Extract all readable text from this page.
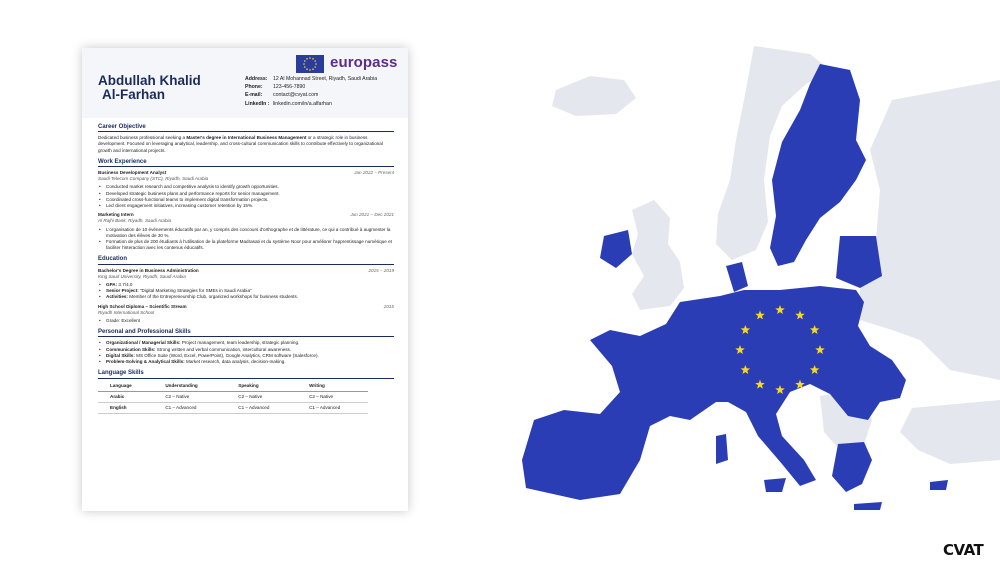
europass
Abdullah Khalid
Al-Farhan
Address:	12 Al Mohannad Street, Riyadh, Saudi Arabia
Phone:	123-456-7890
E-mail:	contact@cvyat.com
LinkedIn : linkedin.com/in/a.alfarhan
Career Objective
Dedicated business professional seeking a Master's degree in International Business Management or a strategic role in business development. Focused on leveraging analytical, leadership, and cross-cultural communication skills to contribute effectively to organizational growth and international projects.
Work Experience
Business Development Analyst	Jan 2022 – Present
Saudi Telecom Company (STC), Riyadh, Saudi Arabia
• Conducted market research and competitive analysis to identify growth opportunities.
• Developed strategic business plans and performance reports for senior management.
• Coordinated cross-functional teams to implement digital transformation projects.
• Led client engagement initiatives, increasing customer retention by 15%.
Marketing Intern	Jun 2021 – Dec 2021
Al Rajhi Bank, Riyadh, Saudi Arabia
• L'organisation de 10 événements éducatifs par an, y compris des concours d'orthographe et de littérature, ce qui a contribué à augmenter la motivation des élèves de 30 %.
• Formation de plus de 200 étudiants à l'utilisation de la plateforme Madrasati et du système Noor pour améliorer l'apprentissage numérique et faciliter l'interaction avec les contenus éducatifs.
Education
Bachelor's Degree in Business Administration	2015 – 2019
King Saud University, Riyadh, Saudi Arabia
• GPA: 3.7/4.0
• Senior Project: “Digital Marketing Strategies for SMEs in Saudi Arabia”
• Activities: Member of the Entrepreneurship Club, organized workshops for business students.
High School Diploma – Scientific Stream	2015
Riyadh International School
• Grade: Excellent
Personal and Professional Skills
• Organizational / Managerial Skills: Project management, team leadership, strategic planning.
• Communication Skills: Strong written and verbal communication, intercultural awareness.
• Digital Skills: MS Office Suite (Word, Excel, PowerPoint), Google Analytics, CRM software (Salesforce).
• Problem-Solving & Analytical Skills: Market research, data analysis, decision-making.
Language Skills
Language	Understanding	Speaking	Writing
Arabic	C2 – Native	C2 – Native	C2 – Native
English	C1 – Advanced	C1 – Advanced	C1 – Advanced
CVAT
